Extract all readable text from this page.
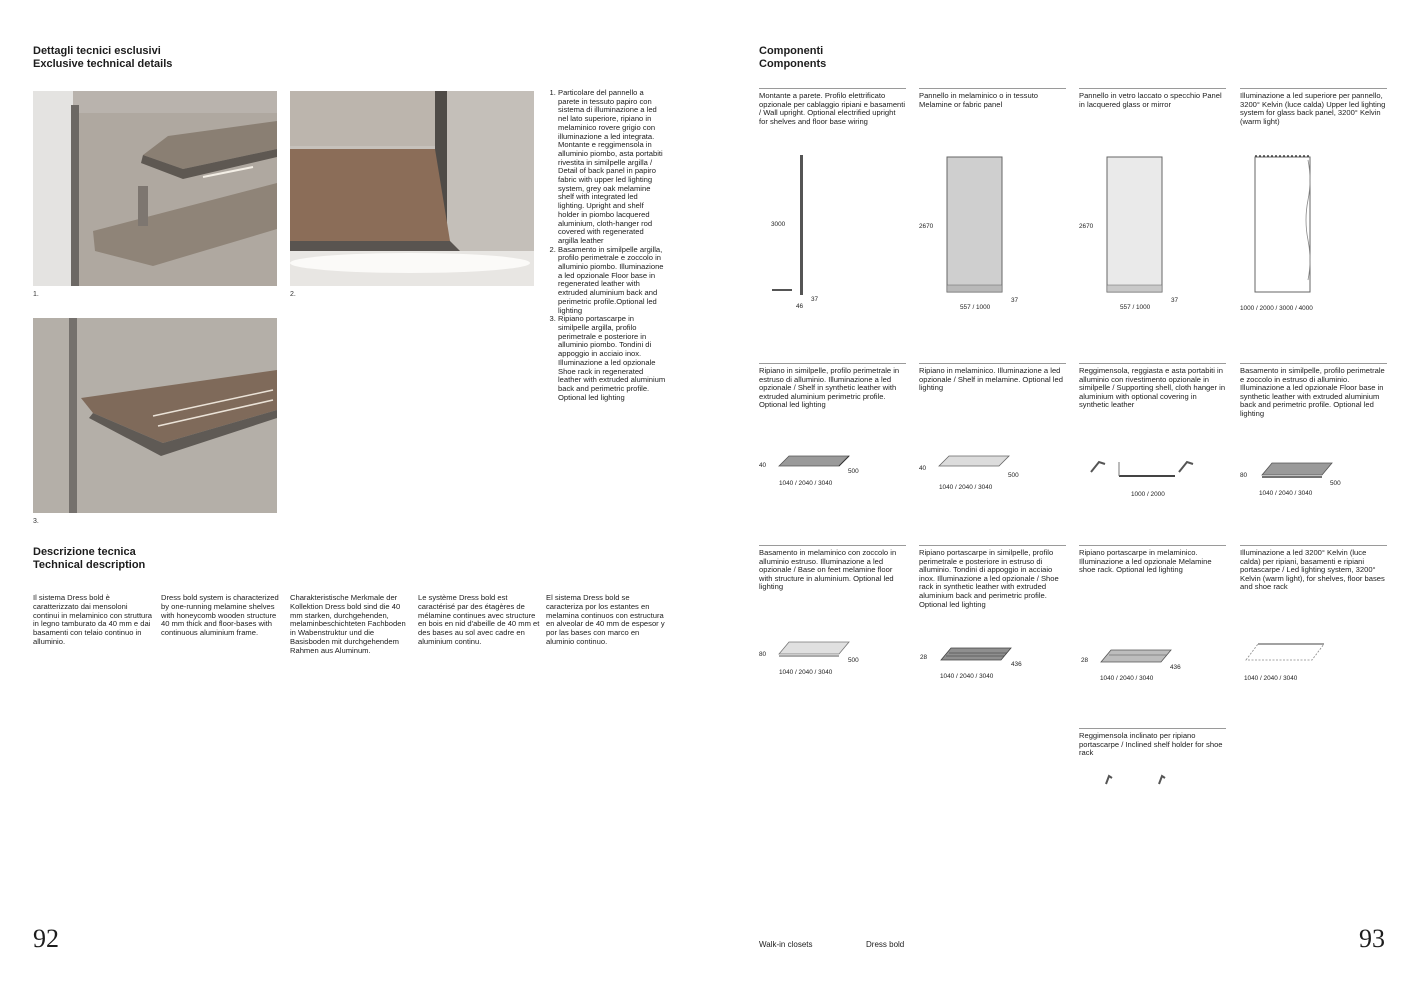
Dettagli tecnici esclusivi
Exclusive technical details
1.	2.
3.
1. Particolare del pannello a parete in tessuto papiro con sistema di illuminazione a led nel lato superiore, ripiano in melaminico rovere grigio con illuminazione a led integrata. Montante e reggimensola in alluminio piombo, asta portabiti rivestita in similpelle argilla / Detail of back panel in papiro fabric with upper led lighting system, grey oak melamine shelf with integrated led lighting. Upright and shelf holder in piombo lacquered aluminium, cloth-hanger rod covered with regenerated argilla leather
2. Basamento in similpelle argilla, profilo perimetrale e zoccolo in alluminio piombo. Illuminazione a led opzionale Floor base in regenerated leather with extruded aluminium back and perimetric profile.Optional led lighting
3. Ripiano portascarpe in similpelle argilla, profilo perimetrale e posteriore in alluminio piombo. Tondini di appoggio in acciaio inox. Illuminazione a led opzionale Shoe rack in regenerated leather with extruded aluminium back and perimetric profile. Optional led lighting
Descrizione tecnica
Technical description
Il sistema Dress bold è caratterizzato dai mensoloni continui in melaminico con struttura in legno tamburato da 40 mm e dai basamenti con telaio continuo in alluminio.
Dress bold system is characterized by one-running melamine shelves with honeycomb wooden structure 40 mm thick and floor-bases with continuous aluminium frame.
Charakteristische Merkmale der Kollektion Dress bold sind die 40 mm starken, durchgehenden, melaminbeschichteten Fachboden in Wabenstruktur und die Basisboden mit durchgehendem Rahmen aus Aluminum.
Le système Dress bold est caractérisé par des étagères de mélamine continues avec structure en bois en nid d'abeille de 40 mm et des bases au sol avec cadre en aluminium continu.
El sistema Dress bold se caracteriza por los estantes en melamina continuos con estructura en alveolar de 40 mm de espesor y por las bases con marco en aluminio continuo.
92
Componenti
Components
Montante a parete. Profilo elettrificato opzionale per cablaggio ripiani e basamenti / Wall upright. Optional electrified upright for shelves and floor base wiring
3000
46
37
Pannello in melaminico o in tessuto Melamine or fabric panel
2670
557 / 1000
37
Pannello in vetro laccato o specchio Panel in lacquered glass or mirror
2670
557 / 1000
37
Illuminazione a led superiore per pannello, 3200° Kelvin (luce calda) Upper led lighting system for glass back panel, 3200° Kelvin (warm light)
1000 / 2000 / 3000 / 4000
Ripiano in similpelle, profilo perimetrale in estruso di alluminio. Illuminazione a led opzionale / Shelf in synthetic leather with extruded aluminium perimetric profile. Optional led lighting
40
500
1040 / 2040 / 3040
Ripiano in melaminico. Illuminazione a led opzionale / Shelf in melamine. Optional led lighting
40
500
1040 / 2040 / 3040
Reggimensola, reggiasta e asta portabiti in alluminio con rivestimento opzionale in similpelle / Supporting shell, cloth hanger in aluminium with optional covering in synthetic leather
1000 / 2000
Basamento in similpelle, profilo perimetrale e zoccolo in estruso di alluminio. Illuminazione a led opzionale Floor base in synthetic leather with extruded aluminium back and perimetric profile. Optional led lighting
80
500
1040 / 2040 / 3040
Basamento in melaminico con zoccolo in alluminio estruso. Illuminazione a led opzionale / Base on feet melamine floor with structure in aluminium. Optional led lighting
80
500
1040 / 2040 / 3040
Ripiano portascarpe in similpelle, profilo perimetrale e posteriore in estruso di alluminio. Tondini di appoggio in acciaio inox. Illuminazione a led opzionale / Shoe rack in synthetic leather with extruded aluminium back and perimetric profile. Optional led lighting
28
436
1040 / 2040 / 3040
Ripiano portascarpe in melaminico. Illuminazione a led opzionale Melamine shoe rack. Optional led lighting
28
436
1040 / 2040 / 3040
Illuminazione a led 3200° Kelvin (luce calda) per ripiani, basamenti e ripiani portascarpe / Led lighting system, 3200° Kelvin (warm light), for shelves, floor bases and shoe rack
1040 / 2040 / 3040
Reggimensola inclinato per ripiano portascarpe / Inclined shelf holder for shoe rack
Walk-in closets	Dress bold	93
